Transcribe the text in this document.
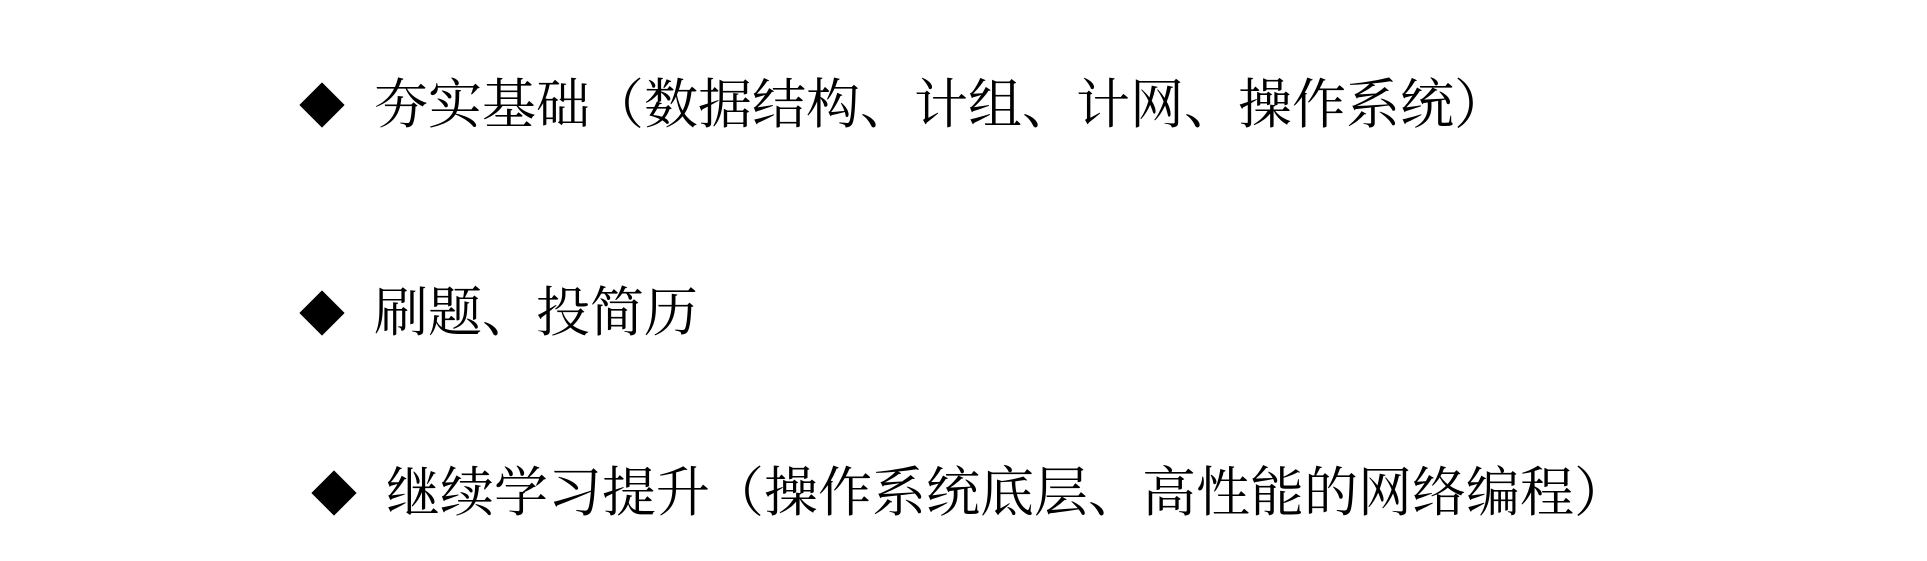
夯实基础（数据结构、计组、计网、操作系统）
刷题、投简历
继续学习提升（操作系统底层、高性能的网络编程）
